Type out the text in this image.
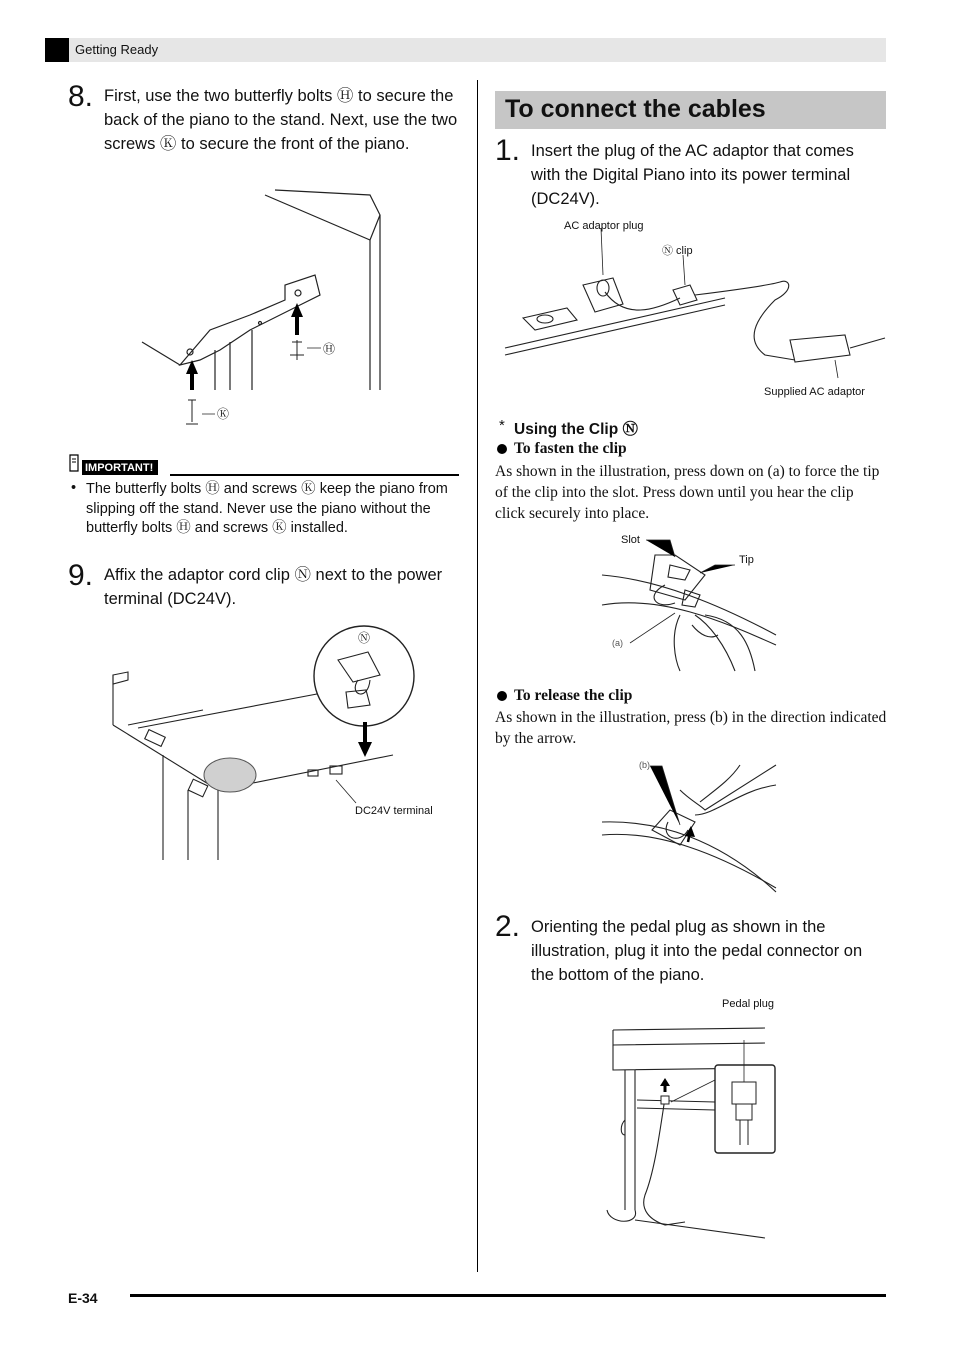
Getting Ready
8. First, use the two butterfly bolts Ⓗ to secure the back of the piano to the stand. Next, use the two screws Ⓚ to secure the front of the piano.
Ⓗ
Ⓚ
IMPORTANT!
• The butterfly bolts Ⓗ and screws Ⓚ keep the piano from slipping off the stand. Never use the piano without the butterfly bolts Ⓗ and screws Ⓚ installed.
9. Affix the adaptor cord clip Ⓝ next to the power terminal (DC24V).
Ⓝ
DC24V terminal
To connect the cables
1. Insert the plug of the AC adaptor that comes with the Digital Piano into its power terminal (DC24V).
AC adaptor plug
Ⓝ clip
Supplied AC adaptor
* Using the Clip Ⓝ
To fasten the clip
As shown in the illustration, press down on (a) to force the tip of the clip into the slot. Press down until you hear the clip click securely into place.
Slot
Tip
(a)
To release the clip
As shown in the illustration, press (b) in the direction indicated by the arrow.
(b)
2. Orienting the pedal plug as shown in the illustration, plug it into the pedal connector on the bottom of the piano.
Pedal plug
E-34
